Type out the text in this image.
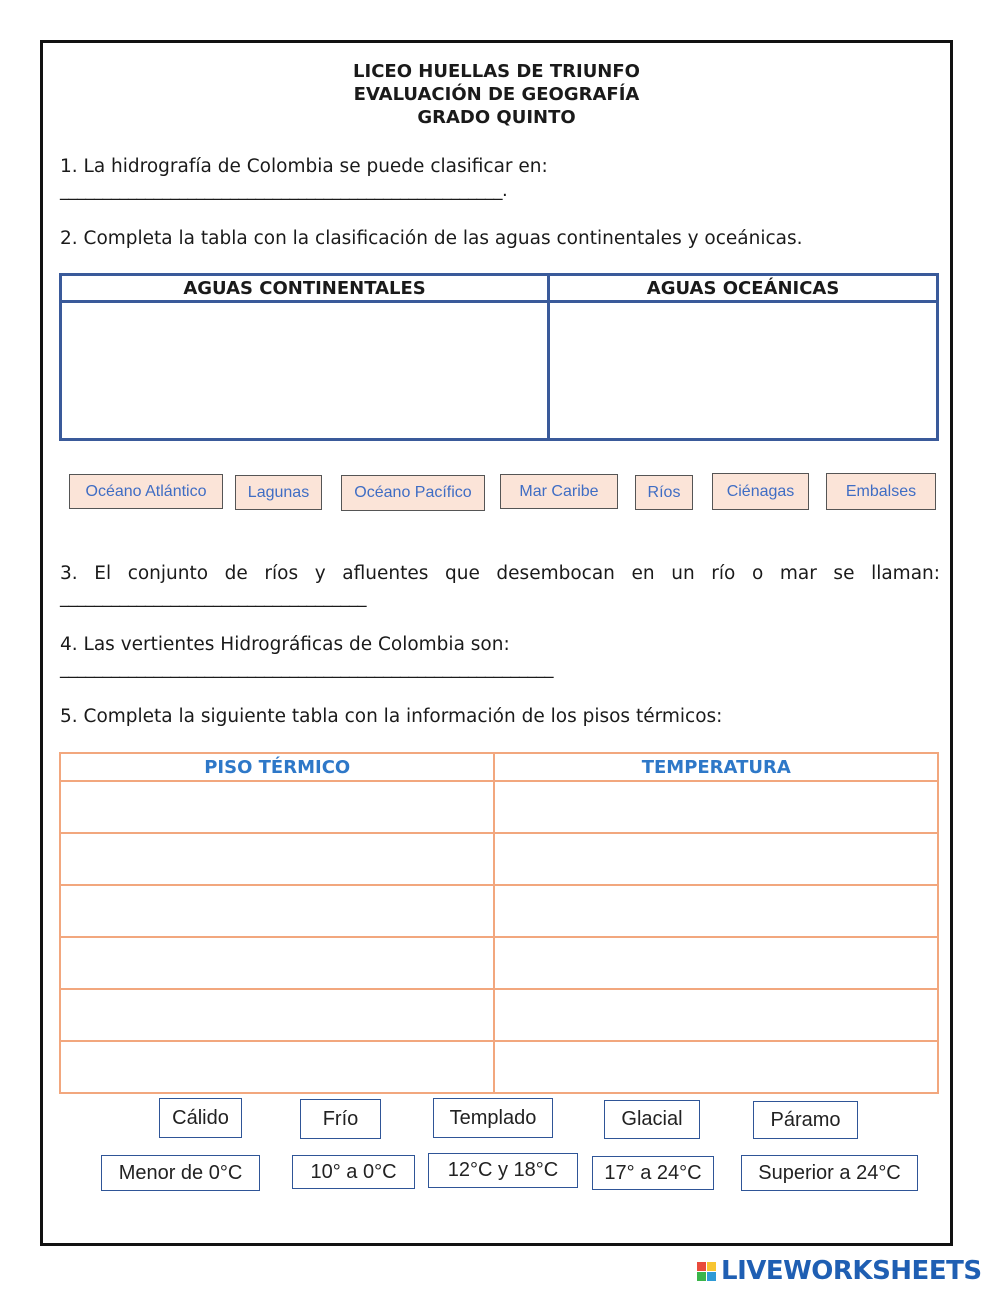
LICEO HUELLAS DE TRIUNFO
EVALUACIÓN DE GEOGRAFÍA
GRADO QUINTO
1. La hidrografía de Colombia se puede clasificar en:
____________________________________________________.
2. Completa la tabla con la clasificación de las aguas continentales y oceánicas.
AGUAS CONTINENTALES	AGUAS OCEÁNICAS

Océano Atlántico	Lagunas	Océano Pacífico	Mar Caribe	Ríos	Ciénagas	Embalses
3. El conjunto de ríos y afluentes que desembocan en un río o mar se llaman:
____________________________________
4. Las vertientes Hidrográficas de Colombia son:
__________________________________________________________
5. Completa la siguiente tabla con la información de los pisos térmicos:
PISO TÉRMICO	TEMPERATURA

Cálido	Frío	Templado	Glacial	Páramo
Menor de 0°C	10° a 0°C	12°C y 18°C	17° a 24°C	Superior a 24°C
LIVEWORKSHEETS
